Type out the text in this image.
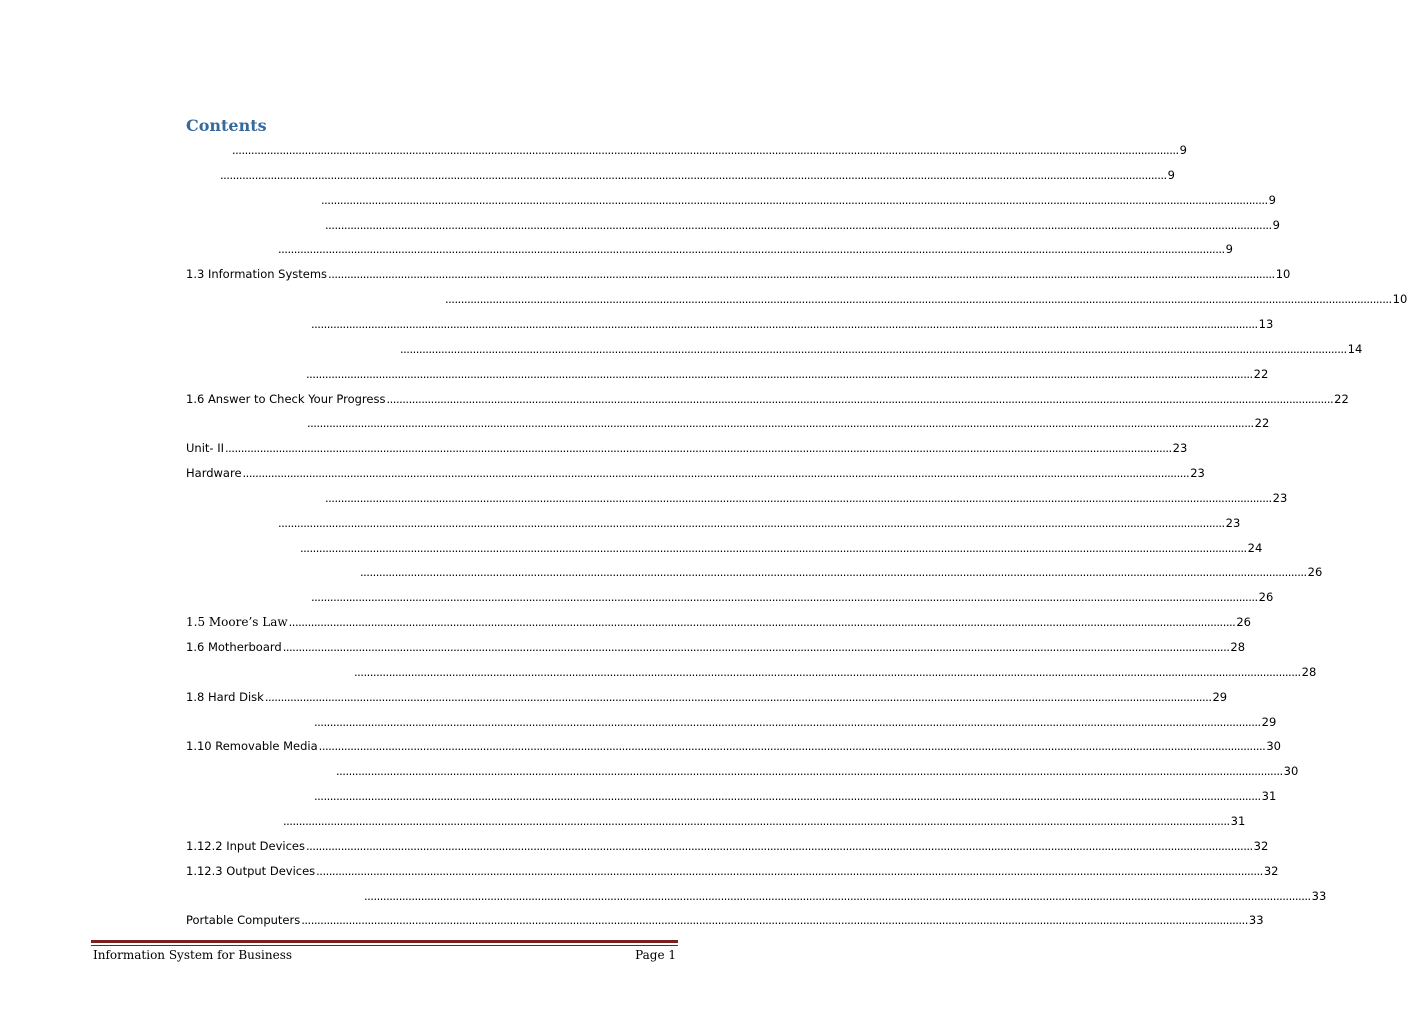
Contents
............................................................................................................................................................................................................................................................................................................ 9
............................................................................................................................................................................................................................................................................................................ 9
............................................................................................................................................................................................................................................................................................................ 9
............................................................................................................................................................................................................................................................................................................ 9
............................................................................................................................................................................................................................................................................................................ 9
1.3 Information Systems ............................................................................................................................................................................................................................................................................................................ 10
............................................................................................................................................................................................................................................................................................................ 10
............................................................................................................................................................................................................................................................................................................ 13
............................................................................................................................................................................................................................................................................................................ 14
............................................................................................................................................................................................................................................................................................................ 22
1.6 Answer to Check Your Progress ............................................................................................................................................................................................................................................................................................................ 22
............................................................................................................................................................................................................................................................................................................ 22
Unit- II ............................................................................................................................................................................................................................................................................................................ 23
Hardware ............................................................................................................................................................................................................................................................................................................ 23
............................................................................................................................................................................................................................................................................................................ 23
............................................................................................................................................................................................................................................................................................................ 23
............................................................................................................................................................................................................................................................................................................ 24
............................................................................................................................................................................................................................................................................................................ 26
............................................................................................................................................................................................................................................................................................................ 26
1.5 Moore’s Law ............................................................................................................................................................................................................................................................................................................ 26
1.6 Motherboard ............................................................................................................................................................................................................................................................................................................ 28
............................................................................................................................................................................................................................................................................................................ 28
1.8 Hard Disk ............................................................................................................................................................................................................................................................................................................ 29
............................................................................................................................................................................................................................................................................................................ 29
1.10 Removable Media ............................................................................................................................................................................................................................................................................................................ 30
............................................................................................................................................................................................................................................................................................................ 30
............................................................................................................................................................................................................................................................................................................ 31
............................................................................................................................................................................................................................................................................................................ 31
1.12.2 Input Devices ............................................................................................................................................................................................................................................................................................................ 32
1.12.3 Output Devices ............................................................................................................................................................................................................................................................................................................ 32
............................................................................................................................................................................................................................................................................................................ 33
Portable Computers ............................................................................................................................................................................................................................................................................................................ 33
Information System for Business	Page 1
